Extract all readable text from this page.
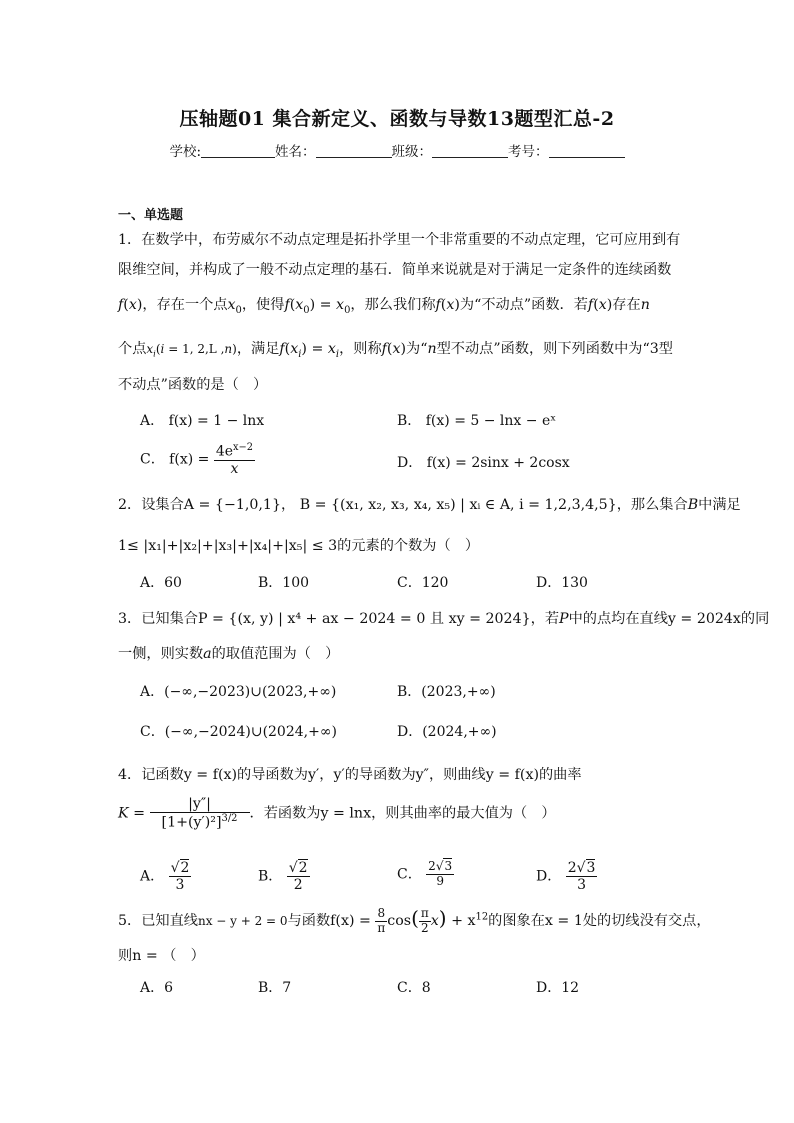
压轴题01 集合新定义、函数与导数13题型汇总-2
学校:	姓名：	班级：	考号：
一、单选题
1．在数学中，布劳威尔不动点定理是拓扑学里一个非常重要的不动点定理，它可应用到有
限维空间，并构成了一般不动点定理的基石．简单来说就是对于满足一定条件的连续函数
f(x)，存在一个点$x_0$，使得$f(x_0) = x_0$，那么我们称f(x)为“不动点”函数．若f(x)存在n
个点$x_i(i = 1$, 2,L ,n)，满足$f(x_i) = x_i$，则称f(x)为“n型不动点”函数，则下列函数中为“3型
不动点”函数的是（　）
A． f(x) = 1 − lnx	B． f(x) = 5 − lnx − eˣ
C． $f(x) = \frac{4e^{x-2}}{x}$	D． f(x) = 2sinx + 2cosx
2．设集合A = {−1,0,1}， B = {(x₁, x₂, x₃, x₄, x₅) | xᵢ ∈ A, i = 1,2,3,4,5}，那么集合B中满足
1≤ |x₁|+|x₂|+|x₃|+|x₄|+|x₅| ≤ 3的元素的个数为（　）
A．60	B．100	C．120	D．130
3．已知集合P = {(x, y) | x⁴ + ax − 2024 = 0 且 xy = 2024}，若P中的点均在直线y = 2024x的同
一侧，则实数a的取值范围为（　）
A．(−∞,−2023)∪(2023,+∞)	B．(2023,+∞)
C．(−∞,−2024)∪(2024,+∞)	D．(2024,+∞)
4．记函数y = f(x)的导函数为y′，y′的导函数为y″，则曲线y = f(x)的曲率
$K = \frac{|y''|}{[1+(y')^2]^{3/2}}$ ．若函数为y = lnx，则其曲率的最大值为（　）
A． $\frac{√2}{3}$	B． $\frac{√2}{2}$	C． $\frac{2√3}{9}$	D． $\frac{2√3}{3}$
5．已知直线nx − y + 2 = 0与函数$f(x) = \frac{8}{\pi} \cos( \frac{\pi}{2} x) + x^{12}$的图象在x = 1处的切线没有交点，
则n = （　）
A．6	B．7	C．8	D．12
